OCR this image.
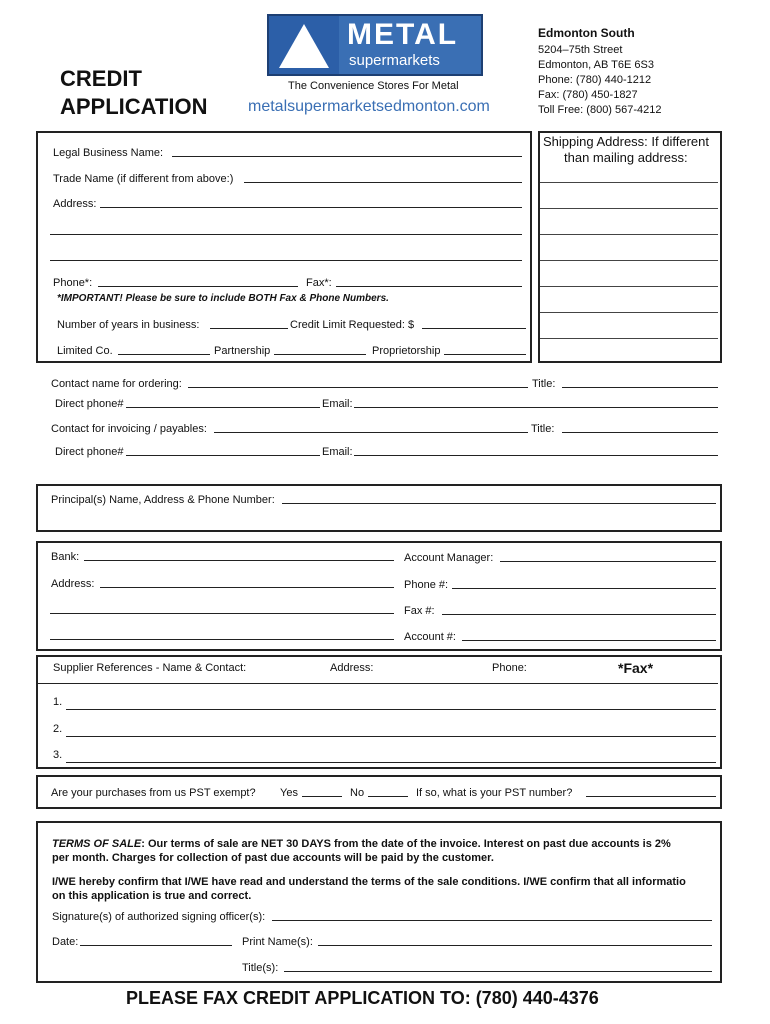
CREDIT
APPLICATION
METAL
supermarkets
The Convenience Stores For Metal
metalsupermarketsedmonton.com
Edmonton South
5204–75th Street
Edmonton, AB T6E 6S3
Phone: (780) 440-1212
Fax: (780) 450-1827
Toll Free: (800) 567-4212
Legal Business Name:
Trade Name (if different from above:)
Address:
Phone*:	Fax*:
*IMPORTANT! Please be sure to include BOTH Fax & Phone Numbers.
Number of years in business:	Credit Limit Requested: $
Limited Co.	Partnership	Proprietorship
Shipping Address: If different
than mailing address:
Contact name for ordering:	Title:
Direct phone#	Email:
Contact for invoicing / payables:	Title:
Direct phone#	Email:
Principal(s) Name, Address & Phone Number:
Bank:	Account Manager:
Address:	Phone #:
Fax #:
Account #:
Supplier References - Name & Contact:	Address:	Phone:	*Fax*
1.
2.
3.
Are your purchases from us PST exempt? Yes	No	If so, what is your PST number?
TERMS OF SALE: Our terms of sale are NET 30 DAYS from the date of the invoice. Interest on past due accounts is 2%
per month. Charges for collection of past due accounts will be paid by the customer.
I/WE hereby confirm that I/WE have read and understand the terms of the sale conditions. I/WE confirm that all informatio
on this application is true and correct.
Signature(s) of authorized signing officer(s):
Date:	Print Name(s):
Title(s):
PLEASE FAX CREDIT APPLICATION TO: (780) 440-4376
